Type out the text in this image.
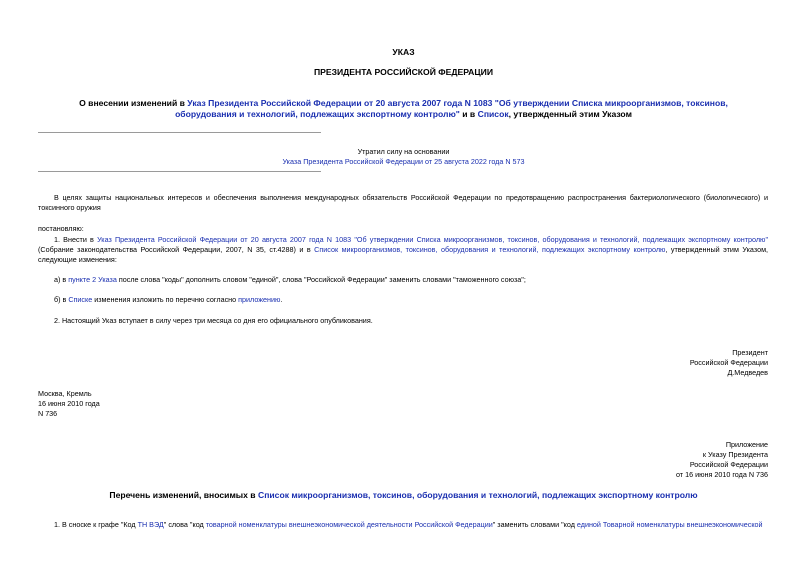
УКАЗ
ПРЕЗИДЕНТА РОССИЙСКОЙ ФЕДЕРАЦИИ
О внесении изменений в Указ Президента Российской Федерации от 20 августа 2007 года N 1083 "Об утверждении Списка микроорганизмов, токсинов,
оборудования и технологий, подлежащих экспортному контролю" и в Список, утвержденный этим Указом
Утратил силу на основании
Указа Президента Российской Федерации от 25 августа 2022 года N 573
В целях защиты национальных интересов и обеспечения выполнения международных обязательств Российской Федерации по предотвращению распространения бактериологического (биологического) и токсинного оружия
постановляю:
1. Внести в Указ Президента Российской Федерации от 20 августа 2007 года N 1083 "Об утверждении Списка микроорганизмов, токсинов, оборудования и технологий, подлежащих экспортному контролю" (Собрание законодательства Российской Федерации, 2007, N 35, ст.4288) и в Список микроорганизмов, токсинов, оборудования и технологий, подлежащих экспортному контролю, утвержденный этим Указом, следующие изменения:
а) в пункте 2 Указа после слова "коды" дополнить словом "единой", слова "Российской Федерации" заменить словами "таможенного союза";
б) в Списке изменения изложить по перечню согласно приложению.
2. Настоящий Указ вступает в силу через три месяца со дня его официального опубликования.
Президент
Российской Федерации
Д.Медведев
Москва, Кремль
16 июня 2010 года
N 736
Приложение
к Указу Президента
Российской Федерации
от 16 июня 2010 года N 736
Перечень изменений, вносимых в Список микроорганизмов, токсинов, оборудования и технологий, подлежащих экспортному контролю
1. В сноске к графе "Код ТН ВЭД" слова "код товарной номенклатуры внешнеэкономической деятельности Российской Федерации" заменить словами "код единой Товарной номенклатуры внешнеэкономической
